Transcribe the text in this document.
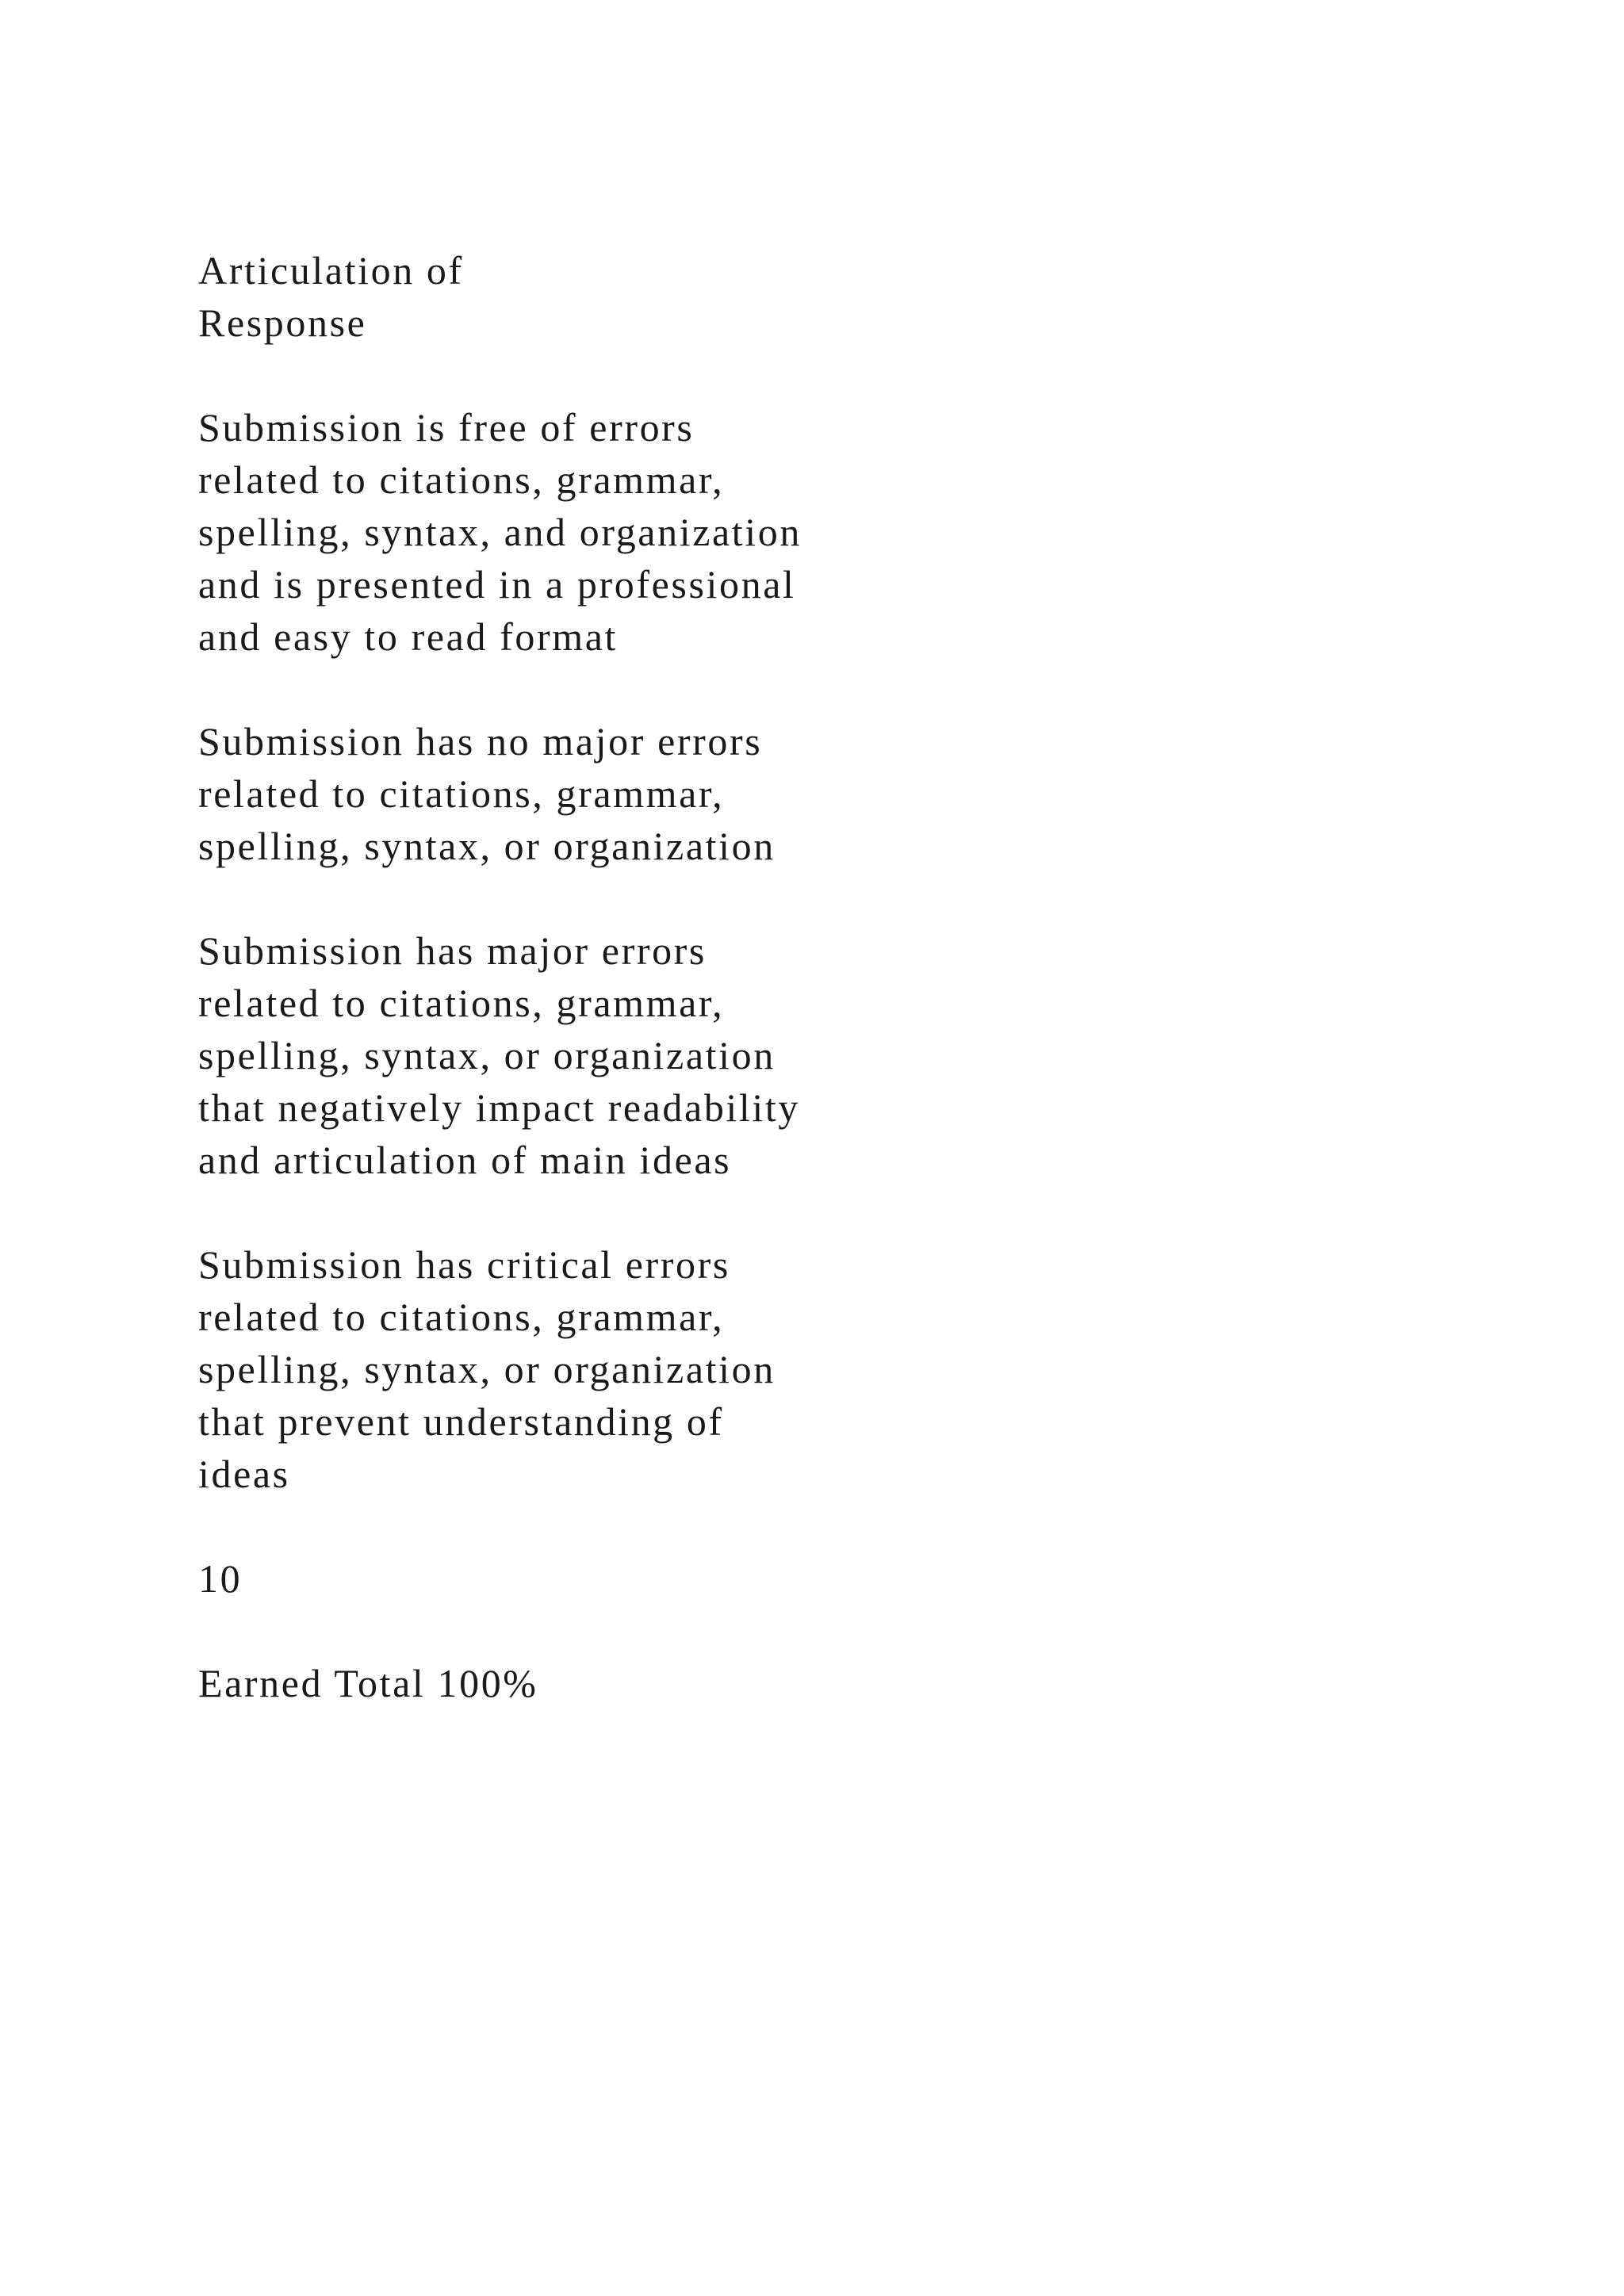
Articulation of
Response
Submission is free of errors
related to citations, grammar,
spelling, syntax, and organization
and is presented in a professional
and easy to read format
Submission has no major errors
related to citations, grammar,
spelling, syntax, or organization
Submission has major errors
related to citations, grammar,
spelling, syntax, or organization
that negatively impact readability
and articulation of main ideas
Submission has critical errors
related to citations, grammar,
spelling, syntax, or organization
that prevent understanding of
ideas
10
Earned Total 100%
